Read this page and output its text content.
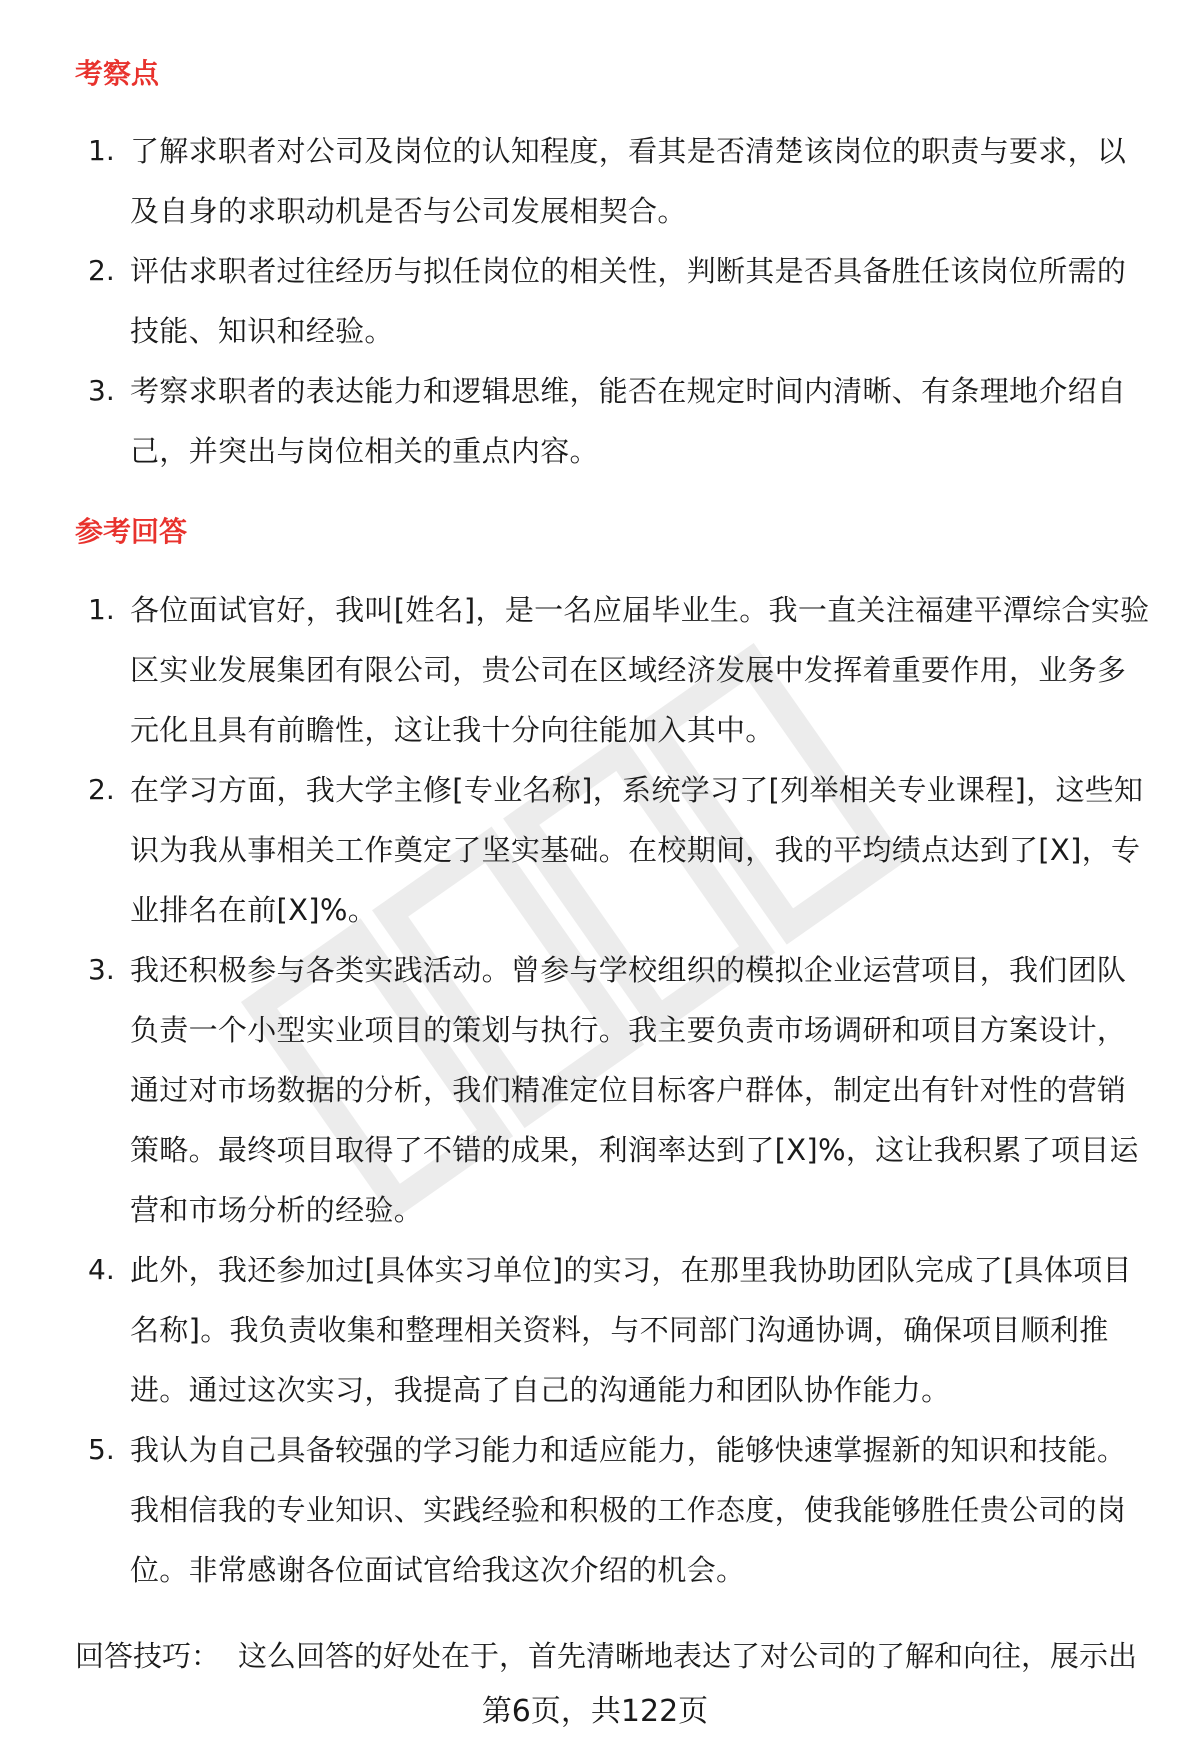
考察点
1. 了解求职者对公司及岗位的认知程度，看其是否清楚该岗位的职责与要求，以及自身的求职动机是否与公司发展相契合。
2. 评估求职者过往经历与拟任岗位的相关性，判断其是否具备胜任该岗位所需的技能、知识和经验。
3. 考察求职者的表达能力和逻辑思维，能否在规定时间内清晰、有条理地介绍自己，并突出与岗位相关的重点内容。
参考回答
1. 各位面试官好，我叫[姓名]，是一名应届毕业生。我一直关注福建平潭综合实验区实业发展集团有限公司，贵公司在区域经济发展中发挥着重要作用，业务多元化且具有前瞻性，这让我十分向往能加入其中。
2. 在学习方面，我大学主修[专业名称]，系统学习了[列举相关专业课程]，这些知识为我从事相关工作奠定了坚实基础。在校期间，我的平均绩点达到了[X]，专业排名在前[X]%。
3. 我还积极参与各类实践活动。曾参与学校组织的模拟企业运营项目，我们团队负责一个小型实业项目的策划与执行。我主要负责市场调研和项目方案设计，通过对市场数据的分析，我们精准定位目标客户群体，制定出有针对性的营销策略。最终项目取得了不错的成果，利润率达到了[X]%，这让我积累了项目运营和市场分析的经验。
4. 此外，我还参加过[具体实习单位]的实习，在那里我协助团队完成了[具体项目名称]。我负责收集和整理相关资料，与不同部门沟通协调，确保项目顺利推进。通过这次实习，我提高了自己的沟通能力和团队协作能力。
5. 我认为自己具备较强的学习能力和适应能力，能够快速掌握新的知识和技能。我相信我的专业知识、实践经验和积极的工作态度，使我能够胜任贵公司的岗位。非常感谢各位面试官给我这次介绍的机会。
回答技巧： 这么回答的好处在于，首先清晰地表达了对公司的了解和向往，展示出
第6页，共122页
